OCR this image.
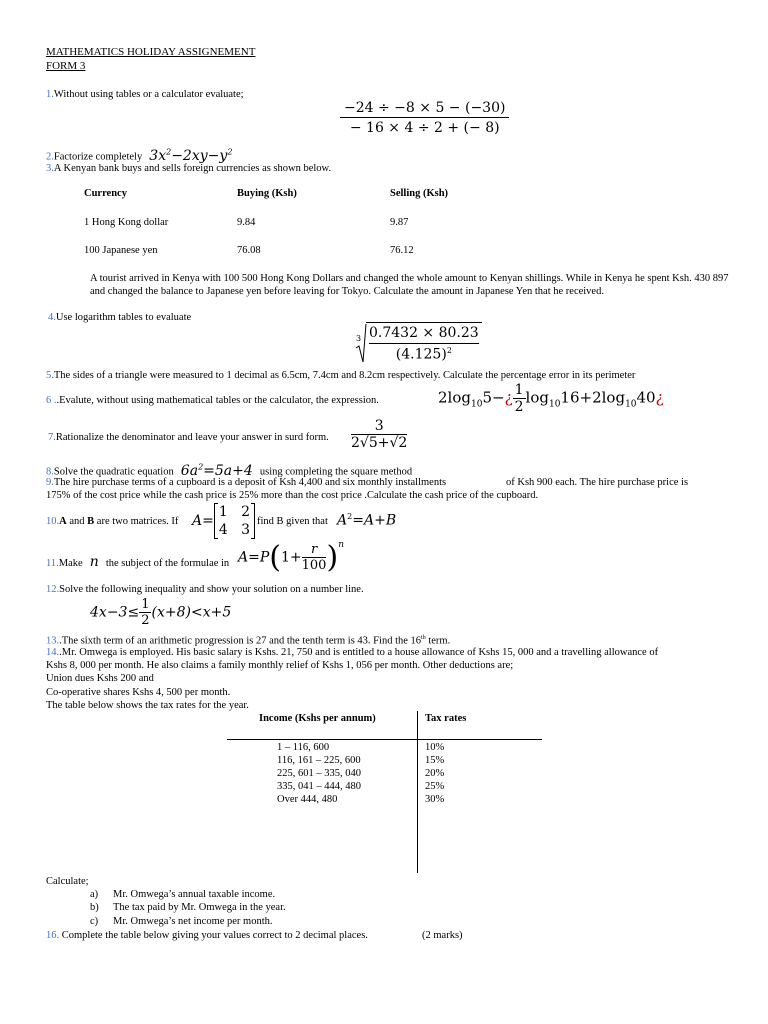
MATHEMATICS HOLIDAY ASSIGNEMENT
FORM 3
1.Without using tables or a calculator evaluate;
−24 ÷ −8 × 5 − (−30)
− 16 × 4 ÷ 2 + (− 8)
2.Factorize completely  $3x^2-2xy-y^2$
3.A Kenyan bank buys and sells foreign currencies as shown below.
Currency	Buying (Ksh)	Selling (Ksh)
1 Hong Kong dollar	9.84	9.87
100 Japanese yen	76.08	76.12
A tourist arrived in Kenya with 100 500 Hong Kong Dollars and changed the whole amount to Kenyan shillings. While in Kenya he spent Ksh. 430 897 and changed the balance to Japanese yen before leaving for Tokyo. Calculate the amount in Japanese Yen that he received.
4.Use logarithm tables to evaluate
3 0.7432 × 80.23
$(4.125)^2$
5.The sides of a triangle were measured to 1 decimal as 6.5cm, 7.4cm and 8.2cm respectively. Calculate the percentage error in its perimeter
6 ..Evalute, without using mathematical tables or the calculator, the expression.	$2\log_{10}5-¿ \frac{1}{2}$ $\log_{10}16+2\log_{10}40¿$
7.Rationalize the denominator and leave your answer in surd form.
3
2√5+√2
8.Solve the quadratic equation  $6a^2=5a+4$  using completing the square method
9.The hire purchase terms of a cupboard is a deposit of Ksh 4,400 and six monthly installments	of Ksh 900 each. The hire purchase price is
175% of the cost price while the cash price is 25% more than the cost price .Calculate the cash price of the cupboard.
10.A and B are two matrices. If A=
1   2
4   3
find B given that $A^2=A+B$
11.Make  n  the subject of the formulae in $A=P(1+ \frac{r}{100} )^n$
12.Solve the following inequality and show your solution on a number line.
$4x-3\le \frac{1}{2} (x+8)<x+5$
13..The sixth term of an arithmetic progression is 27 and the tenth term is 43. Find the 16th term.
14..Mr. Omwega is employed. His basic salary is Kshs. 21, 750 and is entitled to a house allowance of Kshs 15, 000 and a travelling allowance of
Kshs 8, 000 per month. He also claims a family monthly relief of Kshs 1, 056 per month. Other deductions are;
Union dues Kshs 200 and
Co-operative shares Kshs 4, 500 per month.
The table below shows the tax rates for the year.
Income (Kshs per annum)	Tax rates
1 – 116, 600	10%
116, 161 – 225, 600	15%
225, 601 – 335, 040	20%
335, 041 – 444, 480	25%
Over 444, 480	30%
Calculate;
a) Mr. Omwega’s annual taxable income.
b) The tax paid by Mr. Omwega in the year.
c) Mr. Omwega’s net income per month.
16. Complete the table below giving your values correct to 2 decimal places.	(2 marks)
